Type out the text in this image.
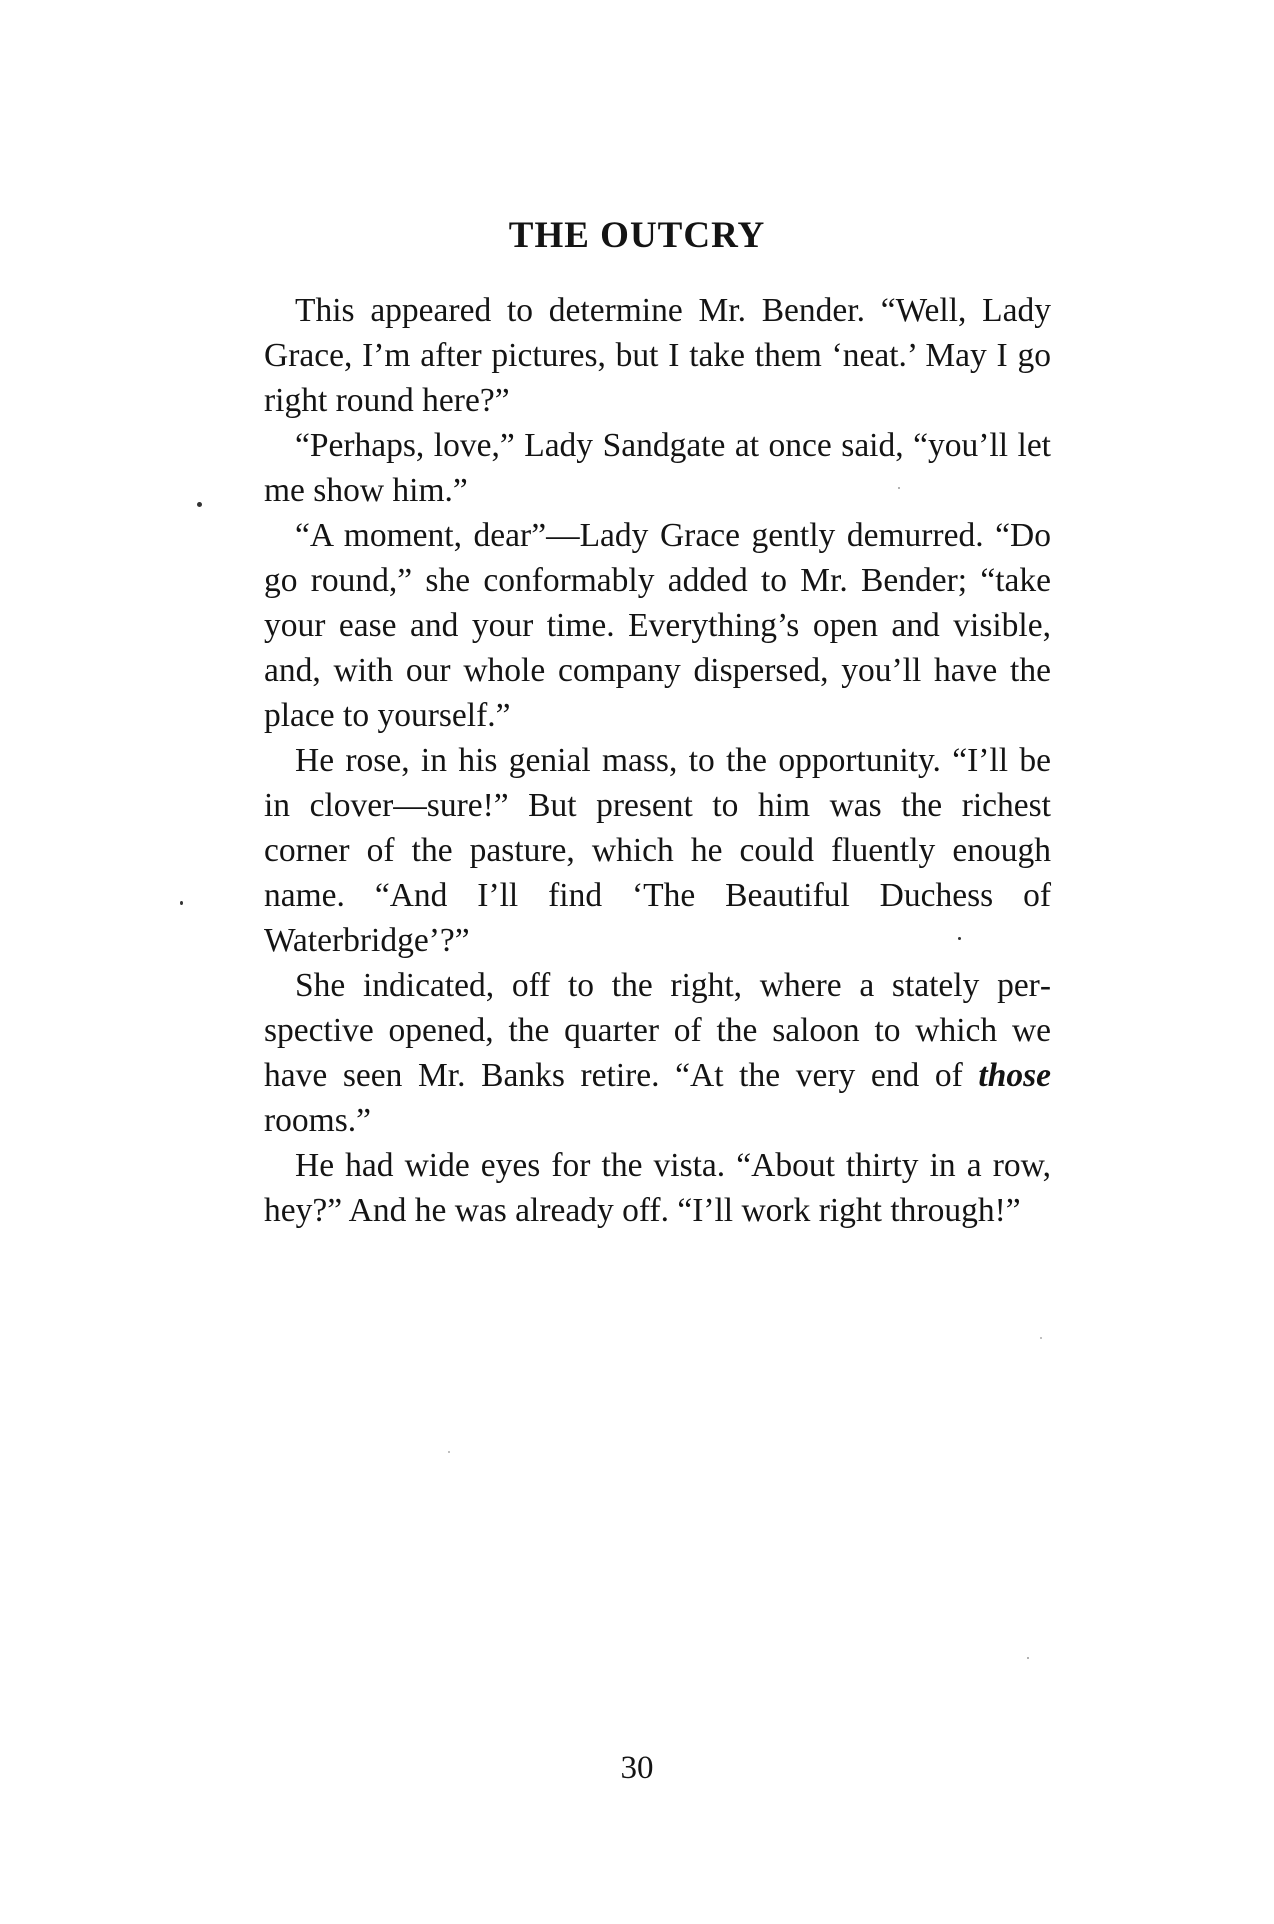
THE OUTCRY

This appeared to determine Mr. Bender. “Well, Lady Grace, I’m after pictures, but I take them ‘neat.’ May I go right round here?”

“Perhaps, love,” Lady Sandgate at once said, “you’ll let me show him.”

“A moment, dear”—Lady Grace gently demurred. “Do go round,” she conformably added to Mr. Bender; “take your ease and your time. Everything’s open and visible, and, with our whole company dispersed, you’ll have the place to yourself.”

He rose, in his genial mass, to the opportunity. “I’ll be in clover—sure!” But present to him was the richest corner of the pasture, which he could fluently enough name. “And I’ll find ‘The Beautiful Duchess of Waterbridge’?”

She indicated, off to the right, where a stately perspective opened, the quarter of the saloon to which we have seen Mr. Banks retire. “At the very end of those rooms.”

He had wide eyes for the vista. “About thirty in a row, hey?” And he was already off. “I’ll work right through!”

30
